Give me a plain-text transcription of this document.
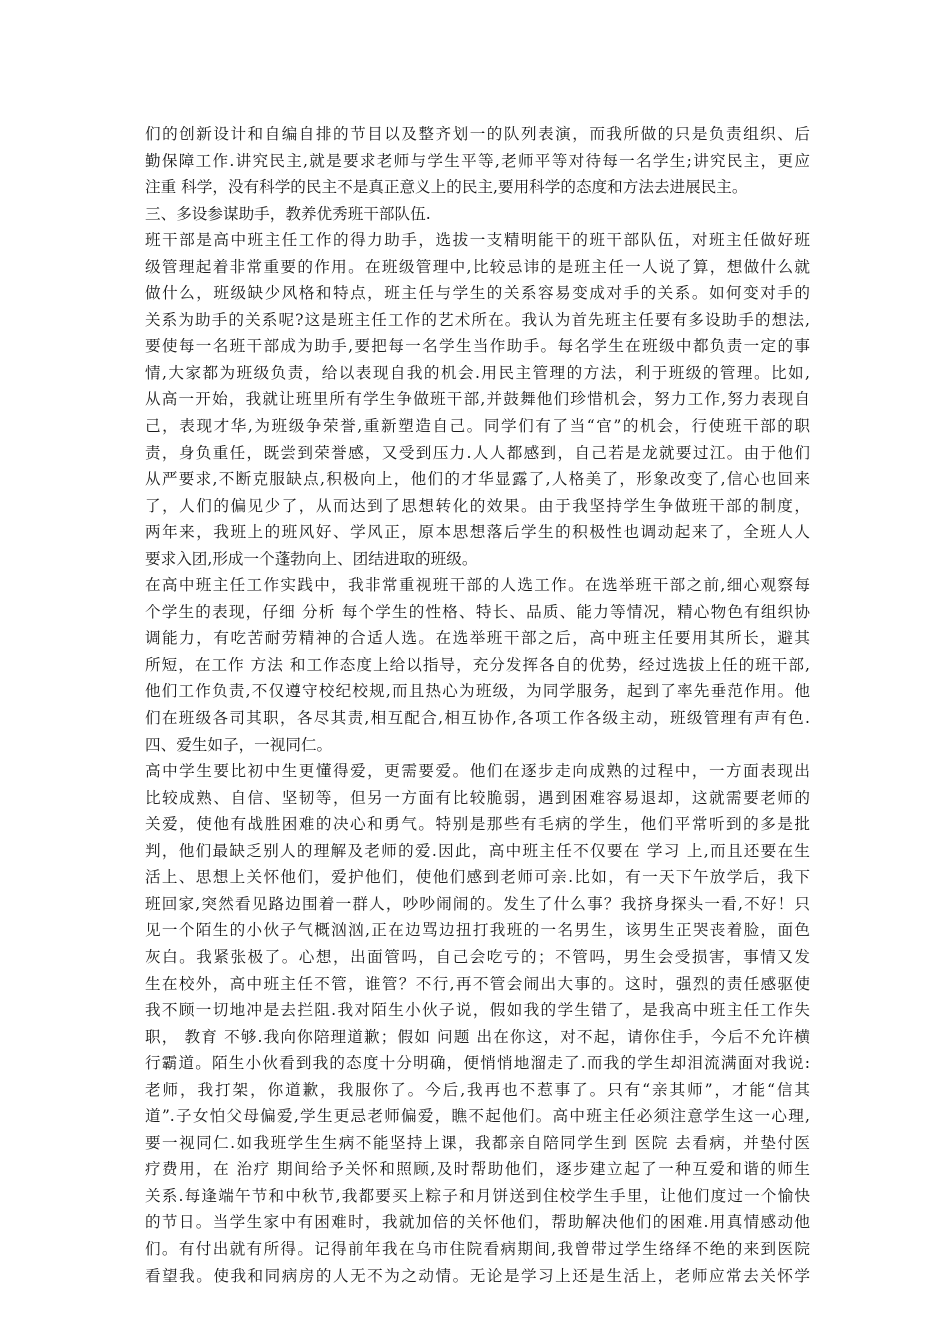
们的创新设计和自编自排的节目以及整齐划一的队列表演，而我所做的只是负责组织、后
勤保障工作.讲究民主,就是要求老师与学生平等,老师平等对待每一名学生;讲究民主，更应
注重 科学，没有科学的民主不是真正意义上的民主,要用科学的态度和方法去进展民主。
三、多设参谋助手，教养优秀班干部队伍.
班干部是高中班主任工作的得力助手，选拔一支精明能干的班干部队伍，对班主任做好班
级管理起着非常重要的作用。在班级管理中,比较忌讳的是班主任一人说了算，想做什么就
做什么，班级缺少风格和特点，班主任与学生的关系容易变成对手的关系。如何变对手的
关系为助手的关系呢?这是班主任工作的艺术所在。我认为首先班主任要有多设助手的想法,
要使每一名班干部成为助手,要把每一名学生当作助手。每名学生在班级中都负责一定的事
情,大家都为班级负责，给以表现自我的机会.用民主管理的方法，利于班级的管理。比如,
从高一开始，我就让班里所有学生争做班干部,并鼓舞他们珍惜机会，努力工作,努力表现自
己，表现才华,为班级争荣誉,重新塑造自己。同学们有了当“官”的机会，行使班干部的职
责，身负重任，既尝到荣誉感，又受到压力.人人都感到，自己若是龙就要过江。由于他们
从严要求,不断克服缺点,积极向上，他们的才华显露了,人格美了，形象改变了,信心也回来
了，人们的偏见少了，从而达到了思想转化的效果。由于我坚持学生争做班干部的制度，
两年来，我班上的班风好、学风正，原本思想落后学生的积极性也调动起来了，全班人人
要求入团,形成一个蓬勃向上、团结进取的班级。
在高中班主任工作实践中，我非常重视班干部的人选工作。在选举班干部之前,细心观察每
个学生的表现，仔细 分析 每个学生的性格、特长、品质、能力等情况，精心物色有组织协
调能力，有吃苦耐劳精神的合适人选。在选举班干部之后，高中班主任要用其所长，避其
所短，在工作 方法 和工作态度上给以指导，充分发挥各自的优势，经过选拔上任的班干部,
他们工作负责,不仅遵守校纪校规,而且热心为班级，为同学服务，起到了率先垂范作用。他
们在班级各司其职，各尽其责,相互配合,相互协作,各项工作各级主动，班级管理有声有色.
四、爱生如子，一视同仁。
高中学生要比初中生更懂得爱，更需要爱。他们在逐步走向成熟的过程中，一方面表现出
比较成熟、自信、坚韧等，但另一方面有比较脆弱，遇到困难容易退却，这就需要老师的
关爱，使他有战胜困难的决心和勇气。特别是那些有毛病的学生，他们平常听到的多是批
判，他们最缺乏别人的理解及老师的爱.因此，高中班主任不仅要在 学习 上,而且还要在生
活上、思想上关怀他们，爱护他们，使他们感到老师可亲.比如，有一天下午放学后，我下
班回家,突然看见路边围着一群人，吵吵闹闹的。发生了什么事？我挤身探头一看,不好！只
见一个陌生的小伙子气概汹汹,正在边骂边扭打我班的一名男生，该男生正哭丧着脸，面色
灰白。我紧张极了。心想，出面管吗，自己会吃亏的；不管吗，男生会受损害，事情又发
生在校外，高中班主任不管，谁管？不行,再不管会闹出大事的。这时，强烈的责任感驱使
我不顾一切地冲是去拦阻.我对陌生小伙子说，假如我的学生错了，是我高中班主任工作失
职， 教育 不够.我向你陪理道歉；假如 问题 出在你这，对不起，请你住手，今后不允许横
行霸道。陌生小伙看到我的态度十分明确，便悄悄地溜走了.而我的学生却泪流满面对我说:
老师，我打架，你道歉，我服你了。今后,我再也不惹事了。只有“亲其师”，才能“信其
道”.子女怕父母偏爱,学生更忌老师偏爱，瞧不起他们。高中班主任必须注意学生这一心理,
要一视同仁.如我班学生生病不能坚持上课，我都亲自陪同学生到 医院 去看病，并垫付医
疗费用，在 治疗 期间给予关怀和照顾,及时帮助他们，逐步建立起了一种互爱和谐的师生
关系.每逢端午节和中秋节,我都要买上粽子和月饼送到住校学生手里，让他们度过一个愉快
的节日。当学生家中有困难时，我就加倍的关怀他们，帮助解决他们的困难.用真情感动他
们。有付出就有所得。记得前年我在乌市住院看病期间,我曾带过学生络绎不绝的来到医院
看望我。使我和同病房的人无不为之动情。无论是学习上还是生活上，老师应常去关怀学
